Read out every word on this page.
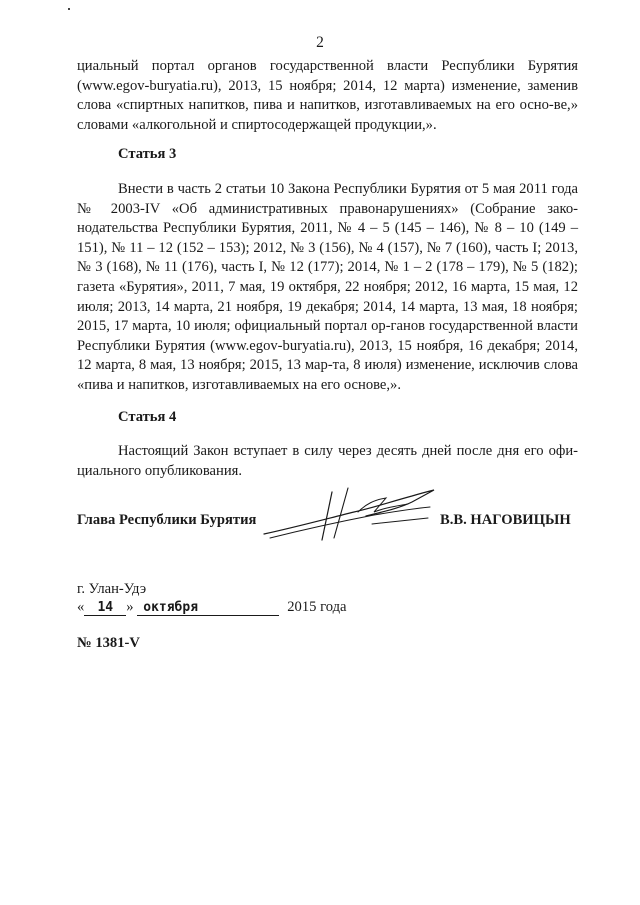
2
циальный портал органов государственной власти Республики Бурятия (www.egov-buryatia.ru), 2013, 15 ноября; 2014, 12 марта) изменение, заменив слова «спиртных напитков, пива и напитков, изготавливаемых на его осно-ве,» словами «алкогольной и спиртосодержащей продукции,».
Статья 3
Внести в часть 2 статьи 10 Закона Республики Бурятия от 5 мая 2011 года № 2003-IV «Об административных правонарушениях» (Собрание зако-нодательства Республики Бурятия, 2011, № 4 – 5 (145 – 146), № 8 – 10 (149 – 151), № 11 – 12 (152 – 153); 2012, № 3 (156), № 4 (157), № 7 (160), часть I; 2013, № 3 (168), № 11 (176), часть I, № 12 (177); 2014, № 1 – 2 (178 – 179), № 5 (182); газета «Бурятия», 2011, 7 мая, 19 октября, 22 ноября; 2012, 16 марта, 15 мая, 12 июля; 2013, 14 марта, 21 ноября, 19 декабря; 2014, 14 марта, 13 мая, 18 ноября; 2015, 17 марта, 10 июля; официальный портал ор-ганов государственной власти Республики Бурятия (www.egov-buryatia.ru), 2013, 15 ноября, 16 декабря; 2014, 12 марта, 8 мая, 13 ноября; 2015, 13 мар-та, 8 июля) изменение, исключив слова «пива и напитков, изготавливаемых на его основе,».
Статья 4
Настоящий Закон вступает в силу через десять дней после дня его офи-циального опубликования.
Глава Республики Бурятия	В.В. НАГОВИЦЫН
г. Улан-Удэ
« 14 » октября	2015 года
№ 1381-V
